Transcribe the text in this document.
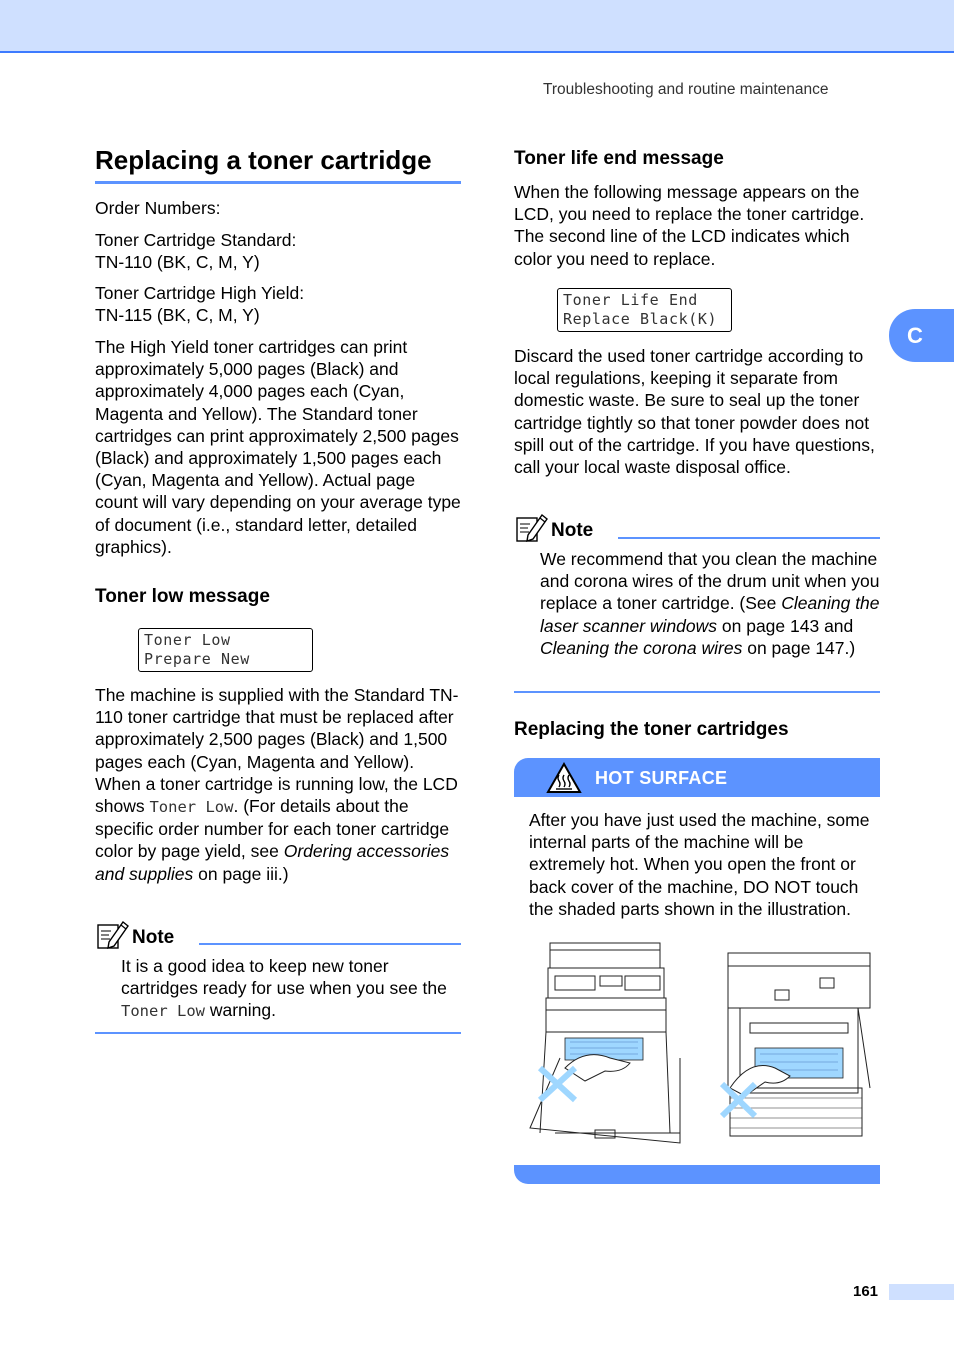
Troubleshooting and routine maintenance
C
Replacing a toner cartridge

Order Numbers:

Toner Cartridge Standard:
TN-110 (BK, C, M, Y)

Toner Cartridge High Yield:
TN-115 (BK, C, M, Y)

The High Yield toner cartridges can print approximately 5,000 pages (Black) and approximately 4,000 pages each (Cyan, Magenta and Yellow). The Standard toner cartridges can print approximately 2,500 pages (Black) and approximately 1,500 pages each (Cyan, Magenta and Yellow). Actual page count will vary depending on your average type of document (i.e., standard letter, detailed graphics).

Toner low message
Toner Low
Prepare New

The machine is supplied with the Standard TN-110 toner cartridge that must be replaced after approximately 2,500 pages (Black) and 1,500 pages each (Cyan, Magenta and Yellow). When a toner cartridge is running low, the LCD shows Toner Low. (For details about the specific order number for each toner cartridge color by page yield, see Ordering accessories and supplies on page iii.)

Note

It is a good idea to keep new toner cartridges ready for use when you see the Toner Low warning.

Toner life end message

When the following message appears on the LCD, you need to replace the toner cartridge. The second line of the LCD indicates which color you need to replace.

Toner Life End
Replace Black(K)

Discard the used toner cartridge according to local regulations, keeping it separate from domestic waste. Be sure to seal up the toner cartridge tightly so that toner powder does not spill out of the cartridge. If you have questions, call your local waste disposal office.

Note

We recommend that you clean the machine and corona wires of the drum unit when you replace a toner cartridge. (See Cleaning the laser scanner windows on page 143 and Cleaning the corona wires on page 147.)

Replacing the toner cartridges

After you have just used the machine, some internal parts of the machine will be extremely hot. When you open the front or back cover of the machine, DO NOT touch the shaded parts shown in the illustration.

HOT SURFACE
161
